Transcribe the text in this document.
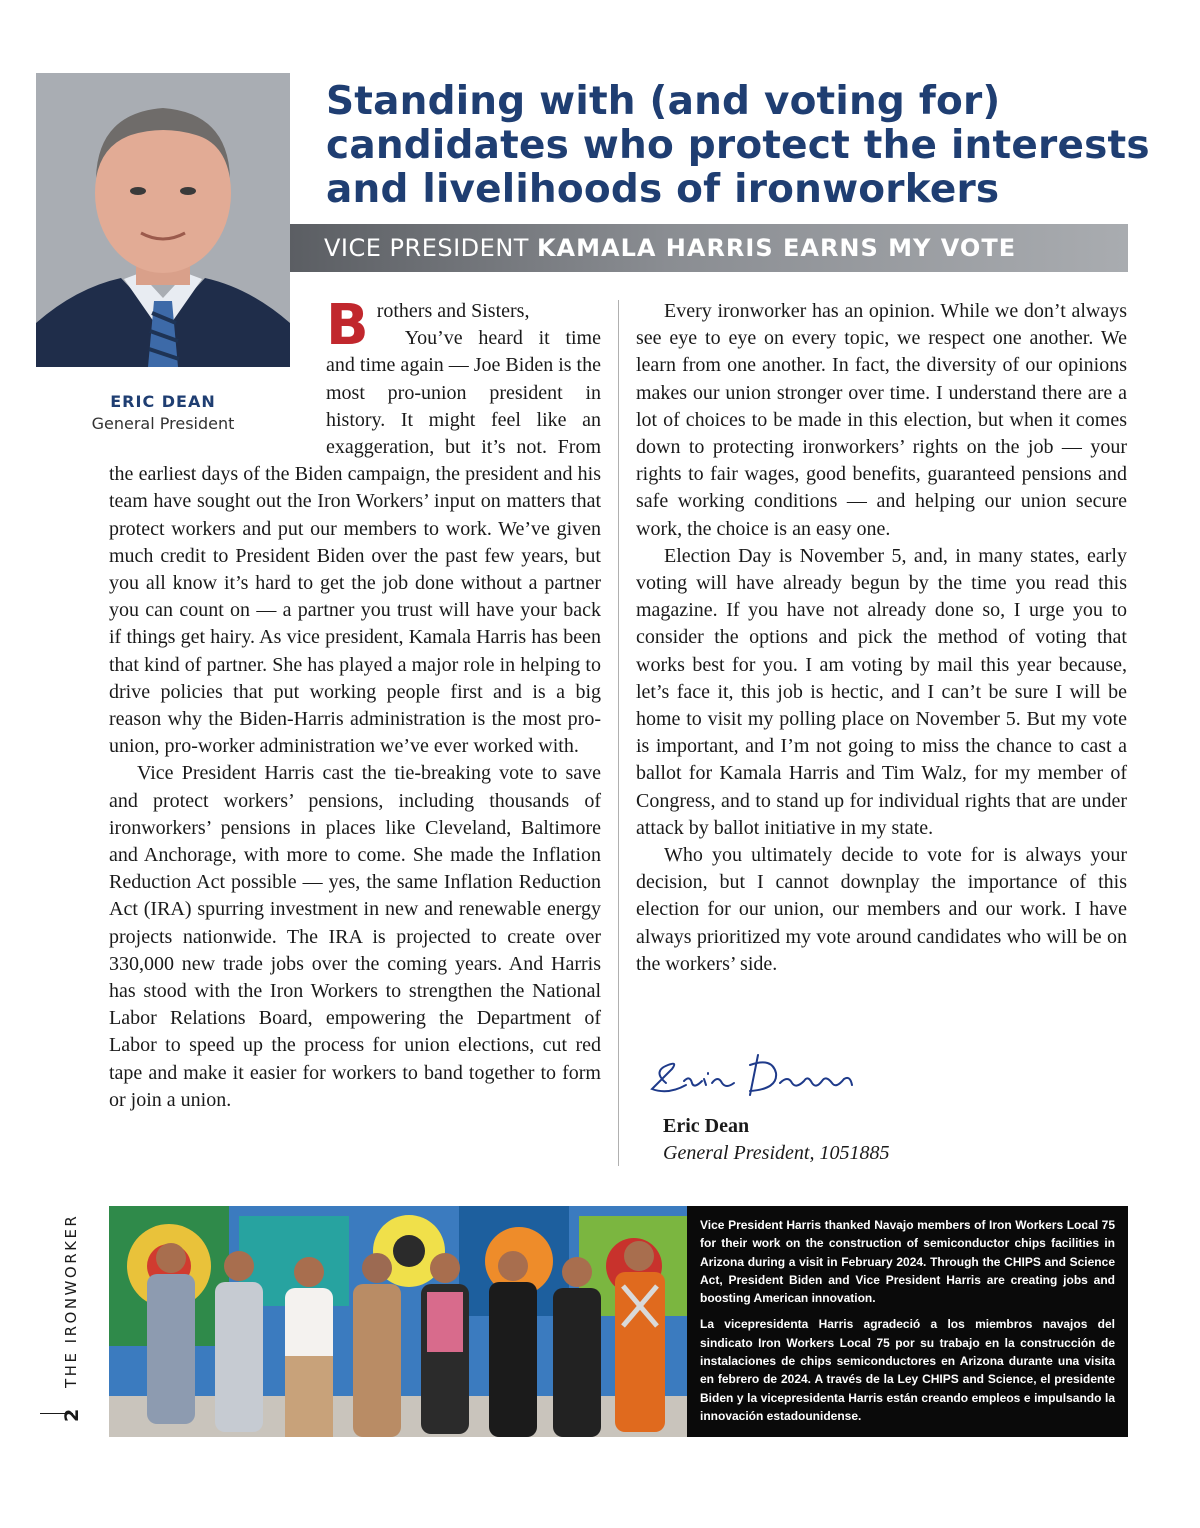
ERIC DEAN
General President
Standing with (and voting for) candidates who protect the interests and livelihoods of ironworkers
VICE PRESIDENT KAMALA HARRIS EARNS MY VOTE

Brothers and Sisters,

You’ve heard it time and time again — Joe Biden is the most pro-union president in history. It might feel like an exaggeration, but it’s not. From the earliest days of the Biden campaign, the president and his team have sought out the Iron Workers’ input on matters that protect workers and put our members to work. We’ve given much credit to President Biden over the past few years, but you all know it’s hard to get the job done without a partner you can count on — a partner you trust will have your back if things get hairy. As vice president, Kamala Harris has been that kind of partner. She has played a major role in helping to drive policies that put working people first and is a big reason why the Biden-Harris administration is the most pro-union, pro-worker administration we’ve ever worked with.

Vice President Harris cast the tie-breaking vote to save and protect workers’ pensions, including thousands of ironworkers’ pensions in places like Cleveland, Baltimore and Anchorage, with more to come. She made the Inflation Reduction Act possible — yes, the same Inflation Reduction Act (IRA) spurring investment in new and renewable energy projects nationwide. The IRA is projected to create over 330,000 new trade jobs over the coming years. And Harris has stood with the Iron Workers to strengthen the National Labor Relations Board, empowering the Department of Labor to speed up the process for union elections, cut red tape and make it easier for workers to band together to form or join a union.

Every ironworker has an opinion. While we don’t always see eye to eye on every topic, we respect one another. We learn from one another. In fact, the diversity of our opinions makes our union stronger over time. I understand there are a lot of choices to be made in this election, but when it comes down to protecting ironworkers’ rights on the job — your rights to fair wages, good benefits, guaranteed pensions and safe working conditions — and helping our union secure work, the choice is an easy one.

Election Day is November 5, and, in many states, early voting will have already begun by the time you read this magazine. If you have not already done so, I urge you to consider the options and pick the method of voting that works best for you. I am voting by mail this year because, let’s face it, this job is hectic, and I can’t be sure I will be home to visit my polling place on November 5. But my vote is important, and I’m not going to miss the chance to cast a ballot for Kamala Harris and Tim Walz, for my member of Congress, and to stand up for individual rights that are under attack by ballot initiative in my state.

Who you ultimately decide to vote for is always your decision, but I cannot downplay the importance of this election for our union, our members and our work. I have always prioritized my vote around candidates who will be on the workers’ side.

Eric Dean
General President, 1051885

Vice President Harris thanked Navajo members of Iron Workers Local 75 for their work on the construction of semiconductor chips facilities in Arizona during a visit in February 2024. Through the CHIPS and Science Act, President Biden and Vice President Harris are creating jobs and boosting American innovation.

La vicepresidenta Harris agradeció a los miembros navajos del sindicato Iron Workers Local 75 por su trabajo en la construcción de instalaciones de chips semiconductores en Arizona durante una visita en febrero de 2024. A través de la Ley CHIPS and Science, el presidente Biden y la vicepresidenta Harris están creando empleos e impulsando la innovación estadounidense.

THE IRONWORKER
2
